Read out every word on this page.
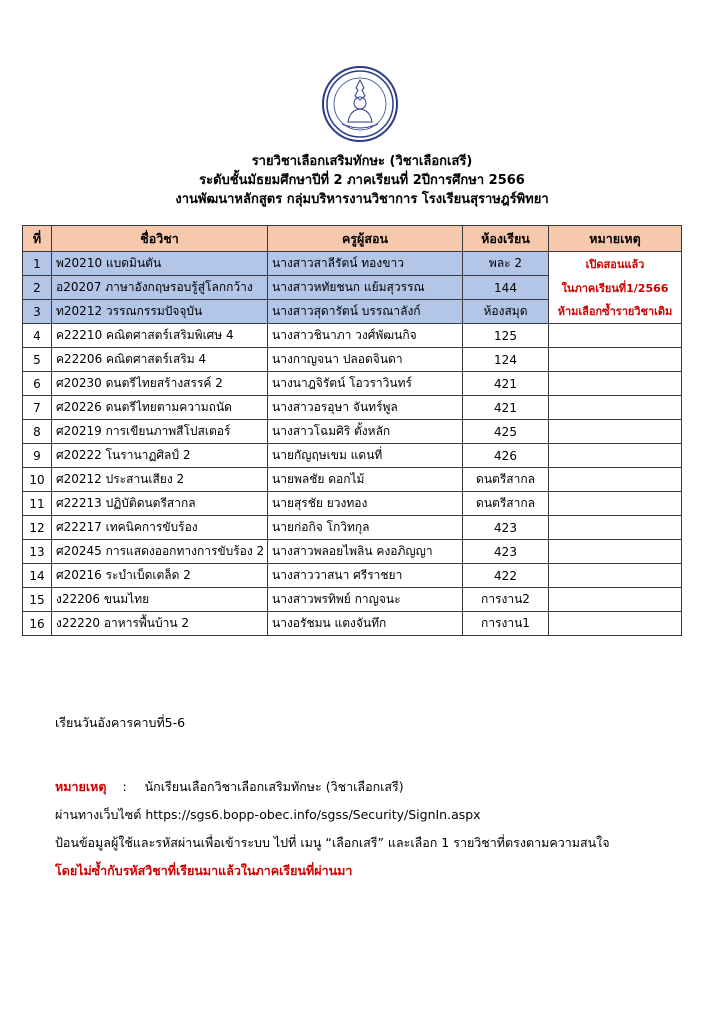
รายวิชาเลือกเสริมทักษะ (วิชาเลือกเสรี)
ระดับชั้นมัธยมศึกษาปีที่ 2 ภาคเรียนที่ 2ปีการศึกษา 2566
งานพัฒนาหลักสูตร กลุ่มบริหารงานวิชาการ โรงเรียนสุราษฎร์พิทยา
ที่	ชื่อวิชา	ครูผู้สอน	ห้องเรียน	หมายเหตุ
1	พ20210 แบดมินตัน	นางสาวสาลีรัตน์ ทองขาว	พละ 2	เปิดสอนแล้ว
2	อ20207 ภาษาอังกฤษรอบรู้สู่โลกกว้าง	นางสาวหทัยชนก แย้มสุวรรณ	144	ในภาคเรียนที่1/2566
3	ท20212 วรรณกรรมปัจจุบัน	นางสาวสุดารัตน์ บรรณาลังก์	ห้องสมุด	ห้ามเลือกซ้ำรายวิชาเดิม
4	ค22210 คณิตศาสตร์เสริมพิเศษ 4	นางสาวชินาภา วงศ์พัฒนกิจ	125	
5	ค22206 คณิตศาสตร์เสริม 4	นางกาญจนา ปลอดจินดา	124	
6	ศ20230 ดนตรีไทยสร้างสรรค์ 2	นางนาฎจิรัตน์ โอวราวินทร์	421	
7	ศ20226 ดนตรีไทยตามความถนัด	นางสาวอรอุษา จันทร์พูล	421	
8	ศ20219 การเขียนภาพสีโปสเตอร์	นางสาวโฉมศิริ ตั้งหลัก	425	
9	ศ20222 โนรานาฏศิลป์ 2	นายกัญฤษเขม แดนที่	426	
10	ศ20212 ประสานเสียง 2	นายพลชัย ดอกไม้	ดนตรีสากล	
11	ศ22213 ปฏิบัติดนตรีสากล	นายสุรชัย ยวงทอง	ดนตรีสากล	
12	ศ22217 เทคนิคการขับร้อง	นายก่อกิจ โกวิทกุล	423	
13	ศ20245 การแสดงออกทางการขับร้อง 2	นางสาวพลอยไพลิน คงอภิญญา	423	
14	ศ20216 ระบำเบ็ดเตล็ด 2	นางสาววาสนา ศรีราชยา	422	
15	ง22206 ขนมไทย	นางสาวพรทิพย์ กาญจนะ	การงาน2	
16	ง22220 อาหารพื้นบ้าน 2	นางอรัชมน แตงจันทึก	การงาน1	
เรียนวันอังคารคาบที่5-6
หมายเหตุ : นักเรียนเลือกวิชาเลือกเสริมทักษะ (วิชาเลือกเสรี)
ผ่านทางเว็บไซต์ https://sgs6.bopp-obec.info/sgss/Security/SignIn.aspx
ป้อนข้อมูลผู้ใช้และรหัสผ่านเพื่อเข้าระบบ ไปที่ เมนู “เลือกเสรี” และเลือก 1 รายวิชาที่ตรงตามความสนใจ
โดยไม่ซ้ำกับรหัสวิชาที่เรียนมาแล้วในภาคเรียนที่ผ่านมา
